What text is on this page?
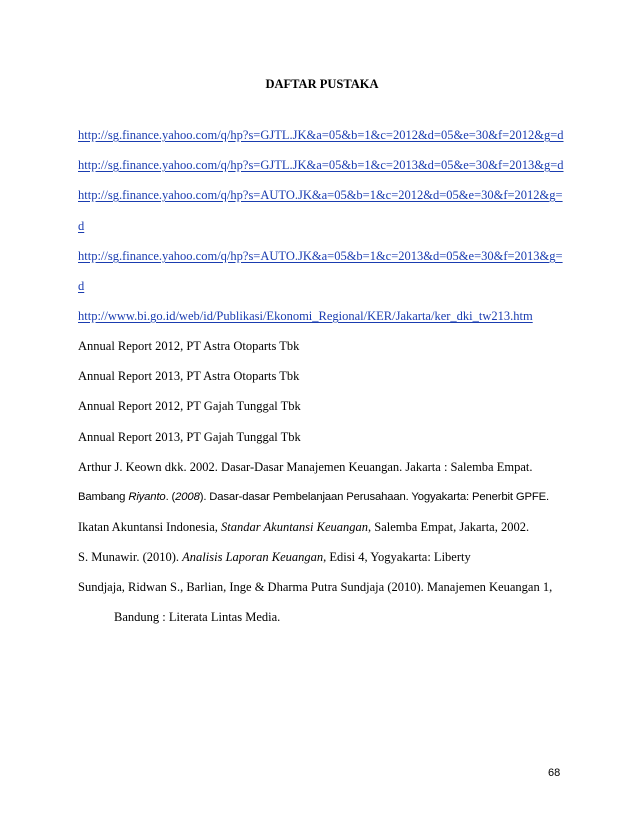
DAFTAR PUSTAKA
http://sg.finance.yahoo.com/q/hp?s=GJTL.JK&a=05&b=1&c=2012&d=05&e=30&f=2012&g=d
http://sg.finance.yahoo.com/q/hp?s=GJTL.JK&a=05&b=1&c=2013&d=05&e=30&f=2013&g=d
http://sg.finance.yahoo.com/q/hp?s=AUTO.JK&a=05&b=1&c=2012&d=05&e=30&f=2012&g=
d
http://sg.finance.yahoo.com/q/hp?s=AUTO.JK&a=05&b=1&c=2013&d=05&e=30&f=2013&g=
d
http://www.bi.go.id/web/id/Publikasi/Ekonomi_Regional/KER/Jakarta/ker_dki_tw213.htm
Annual Report 2012, PT Astra Otoparts Tbk
Annual Report 2013, PT Astra Otoparts Tbk
Annual Report 2012, PT Gajah Tunggal Tbk
Annual Report 2013, PT Gajah Tunggal Tbk
Arthur J. Keown dkk. 2002. Dasar-Dasar Manajemen Keuangan. Jakarta : Salemba Empat.
Bambang Riyanto. (2008). Dasar-dasar Pembelanjaan Perusahaan. Yogyakarta: Penerbit GPFE.
Ikatan Akuntansi Indonesia, Standar Akuntansi Keuangan, Salemba Empat, Jakarta, 2002.
S. Munawir. (2010). Analisis Laporan Keuangan, Edisi 4, Yogyakarta: Liberty
Sundjaja, Ridwan S., Barlian, Inge & Dharma Putra Sundjaja (2010). Manajemen Keuangan 1,
Bandung : Literata Lintas Media.
68
